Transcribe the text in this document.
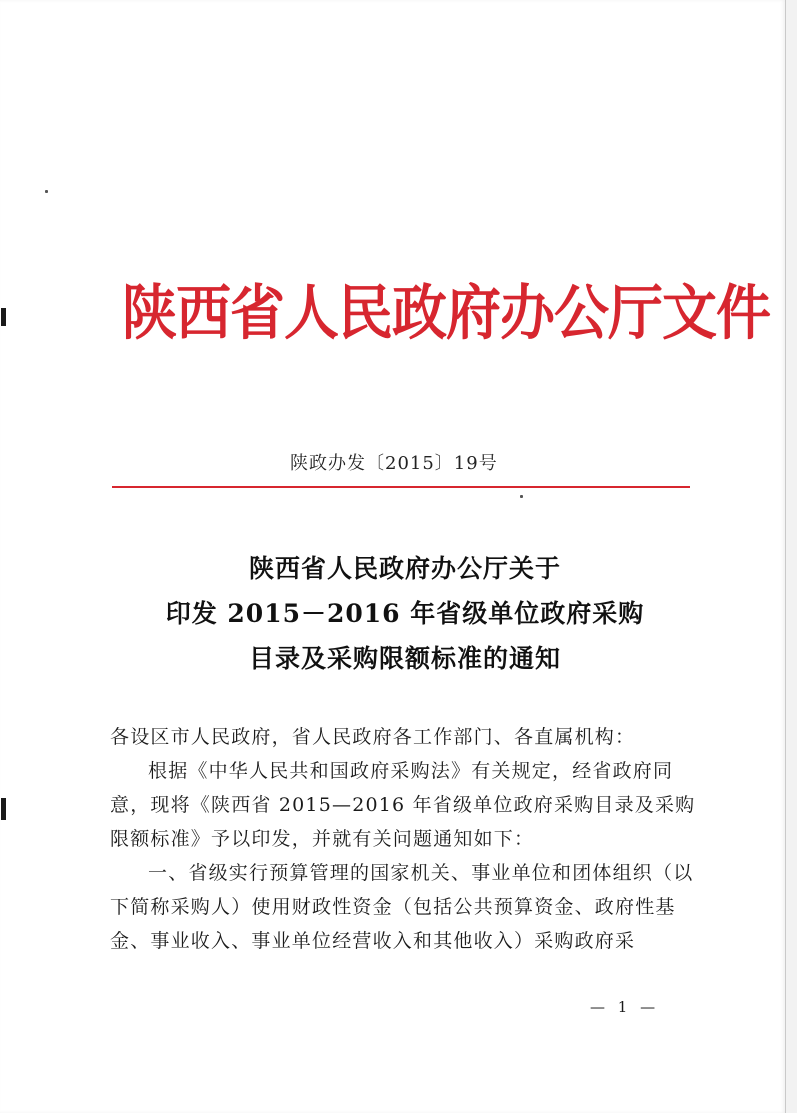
陕西省人民政府办公厅文件

陕政办发〔2015〕19号

陕西省人民政府办公厅关于
印发 2015－2016 年省级单位政府采购
目录及采购限额标准的通知

各设区市人民政府，省人民政府各工作部门、各直属机构：

根据《中华人民共和国政府采购法》有关规定，经省政府同意，现将《陕西省 2015—2016 年省级单位政府采购目录及采购限额标准》予以印发，并就有关问题通知如下：

一、省级实行预算管理的国家机关、事业单位和团体组织（以下简称采购人）使用财政性资金（包括公共预算资金、政府性基金、事业收入、事业单位经营收入和其他收入）采购政府采

— 1 —
